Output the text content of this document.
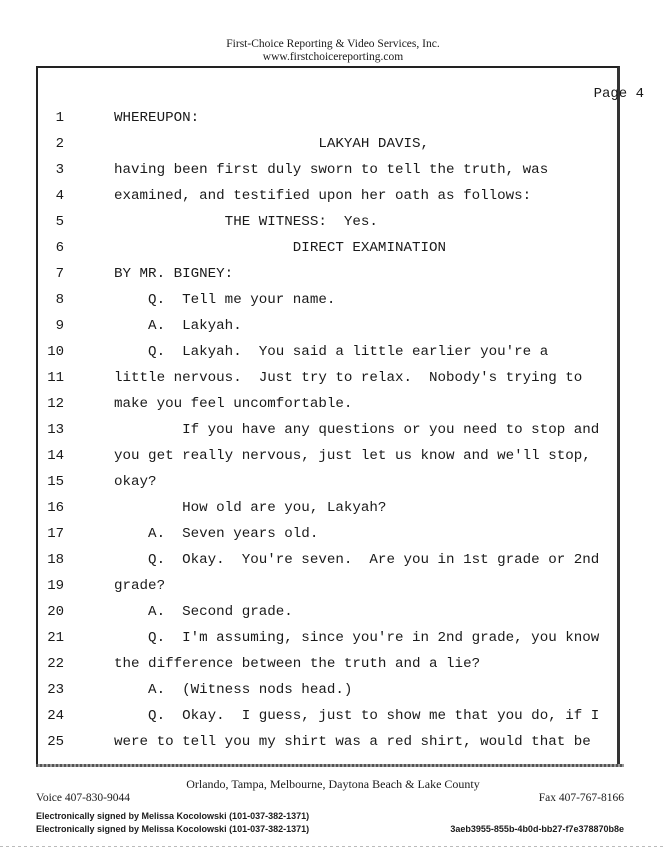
First-Choice Reporting & Video Services, Inc.
www.firstchoicereporting.com
Page 4
1	WHEREUPON:
2	LAKYAH DAVIS,
3	having been first duly sworn to tell the truth, was
4	examined, and testified upon her oath as follows:
5	THE WITNESS:  Yes.
6	DIRECT EXAMINATION
7	BY MR. BIGNEY:
8	Q.  Tell me your name.
9	A.  Lakyah.
10	Q.  Lakyah.  You said a little earlier you're a
11	little nervous.  Just try to relax.  Nobody's trying to
12	make you feel uncomfortable.
13	If you have any questions or you need to stop and
14	you get really nervous, just let us know and we'll stop,
15	okay?
16	How old are you, Lakyah?
17	A.  Seven years old.
18	Q.  Okay.  You're seven.  Are you in 1st grade or 2nd
19	grade?
20	A.  Second grade.
21	Q.  I'm assuming, since you're in 2nd grade, you know
22	the difference between the truth and a lie?
23	A.  (Witness nods head.)
24	Q.  Okay.  I guess, just to show me that you do, if I
25	were to tell you my shirt was a red shirt, would that be
Orlando, Tampa, Melbourne, Daytona Beach & Lake County
Voice 407-830-9044	Fax 407-767-8166
Electronically signed by Melissa Kocolowski (101-037-382-1371)
Electronically signed by Melissa Kocolowski (101-037-382-1371)	3aeb3955-855b-4b0d-bb27-f7e378870b8e
